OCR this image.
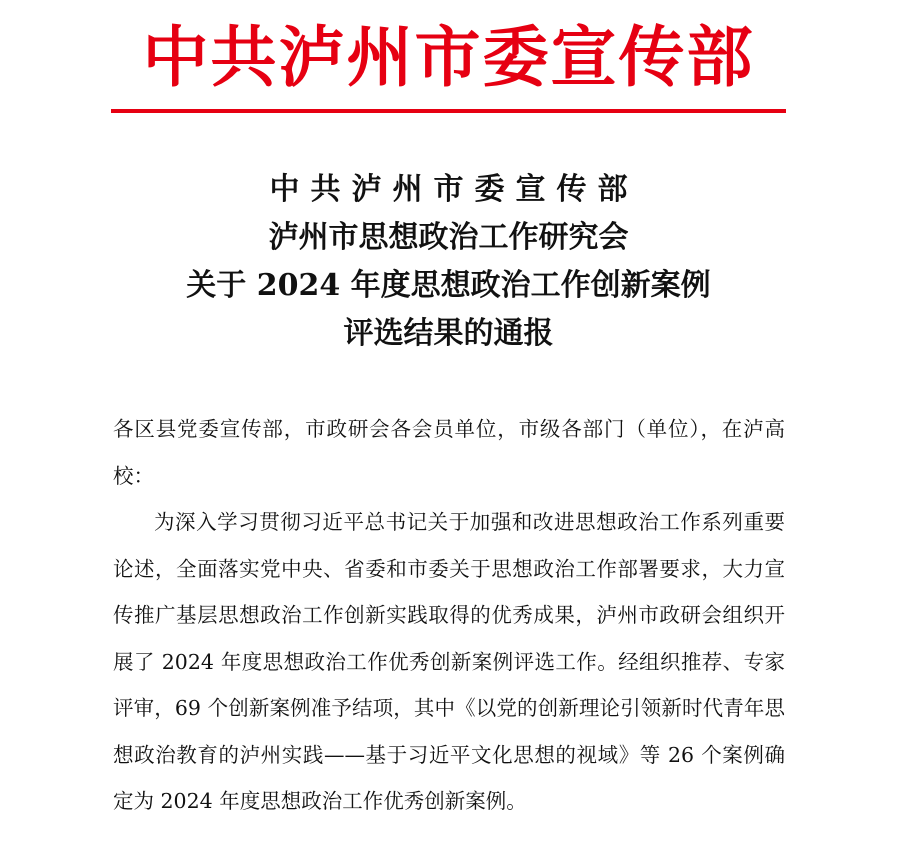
中共泸州市委宣传部
中共泸州市委宣传部
泸州市思想政治工作研究会
关于 2024 年度思想政治工作创新案例
评选结果的通报

各区县党委宣传部，市政研会各会员单位，市级各部门（单位），在泸高校：

为深入学习贯彻习近平总书记关于加强和改进思想政治工作系列重要论述，全面落实党中央、省委和市委关于思想政治工作部署要求，大力宣传推广基层思想政治工作创新实践取得的优秀成果，泸州市政研会组织开展了 2024 年度思想政治工作优秀创新案例评选工作。经组织推荐、专家评审，69 个创新案例准予结项，其中《以党的创新理论引领新时代青年思想政治教育的泸州实践——基于习近平文化思想的视域》等 26 个案例确定为 2024 年度思想政治工作优秀创新案例。
